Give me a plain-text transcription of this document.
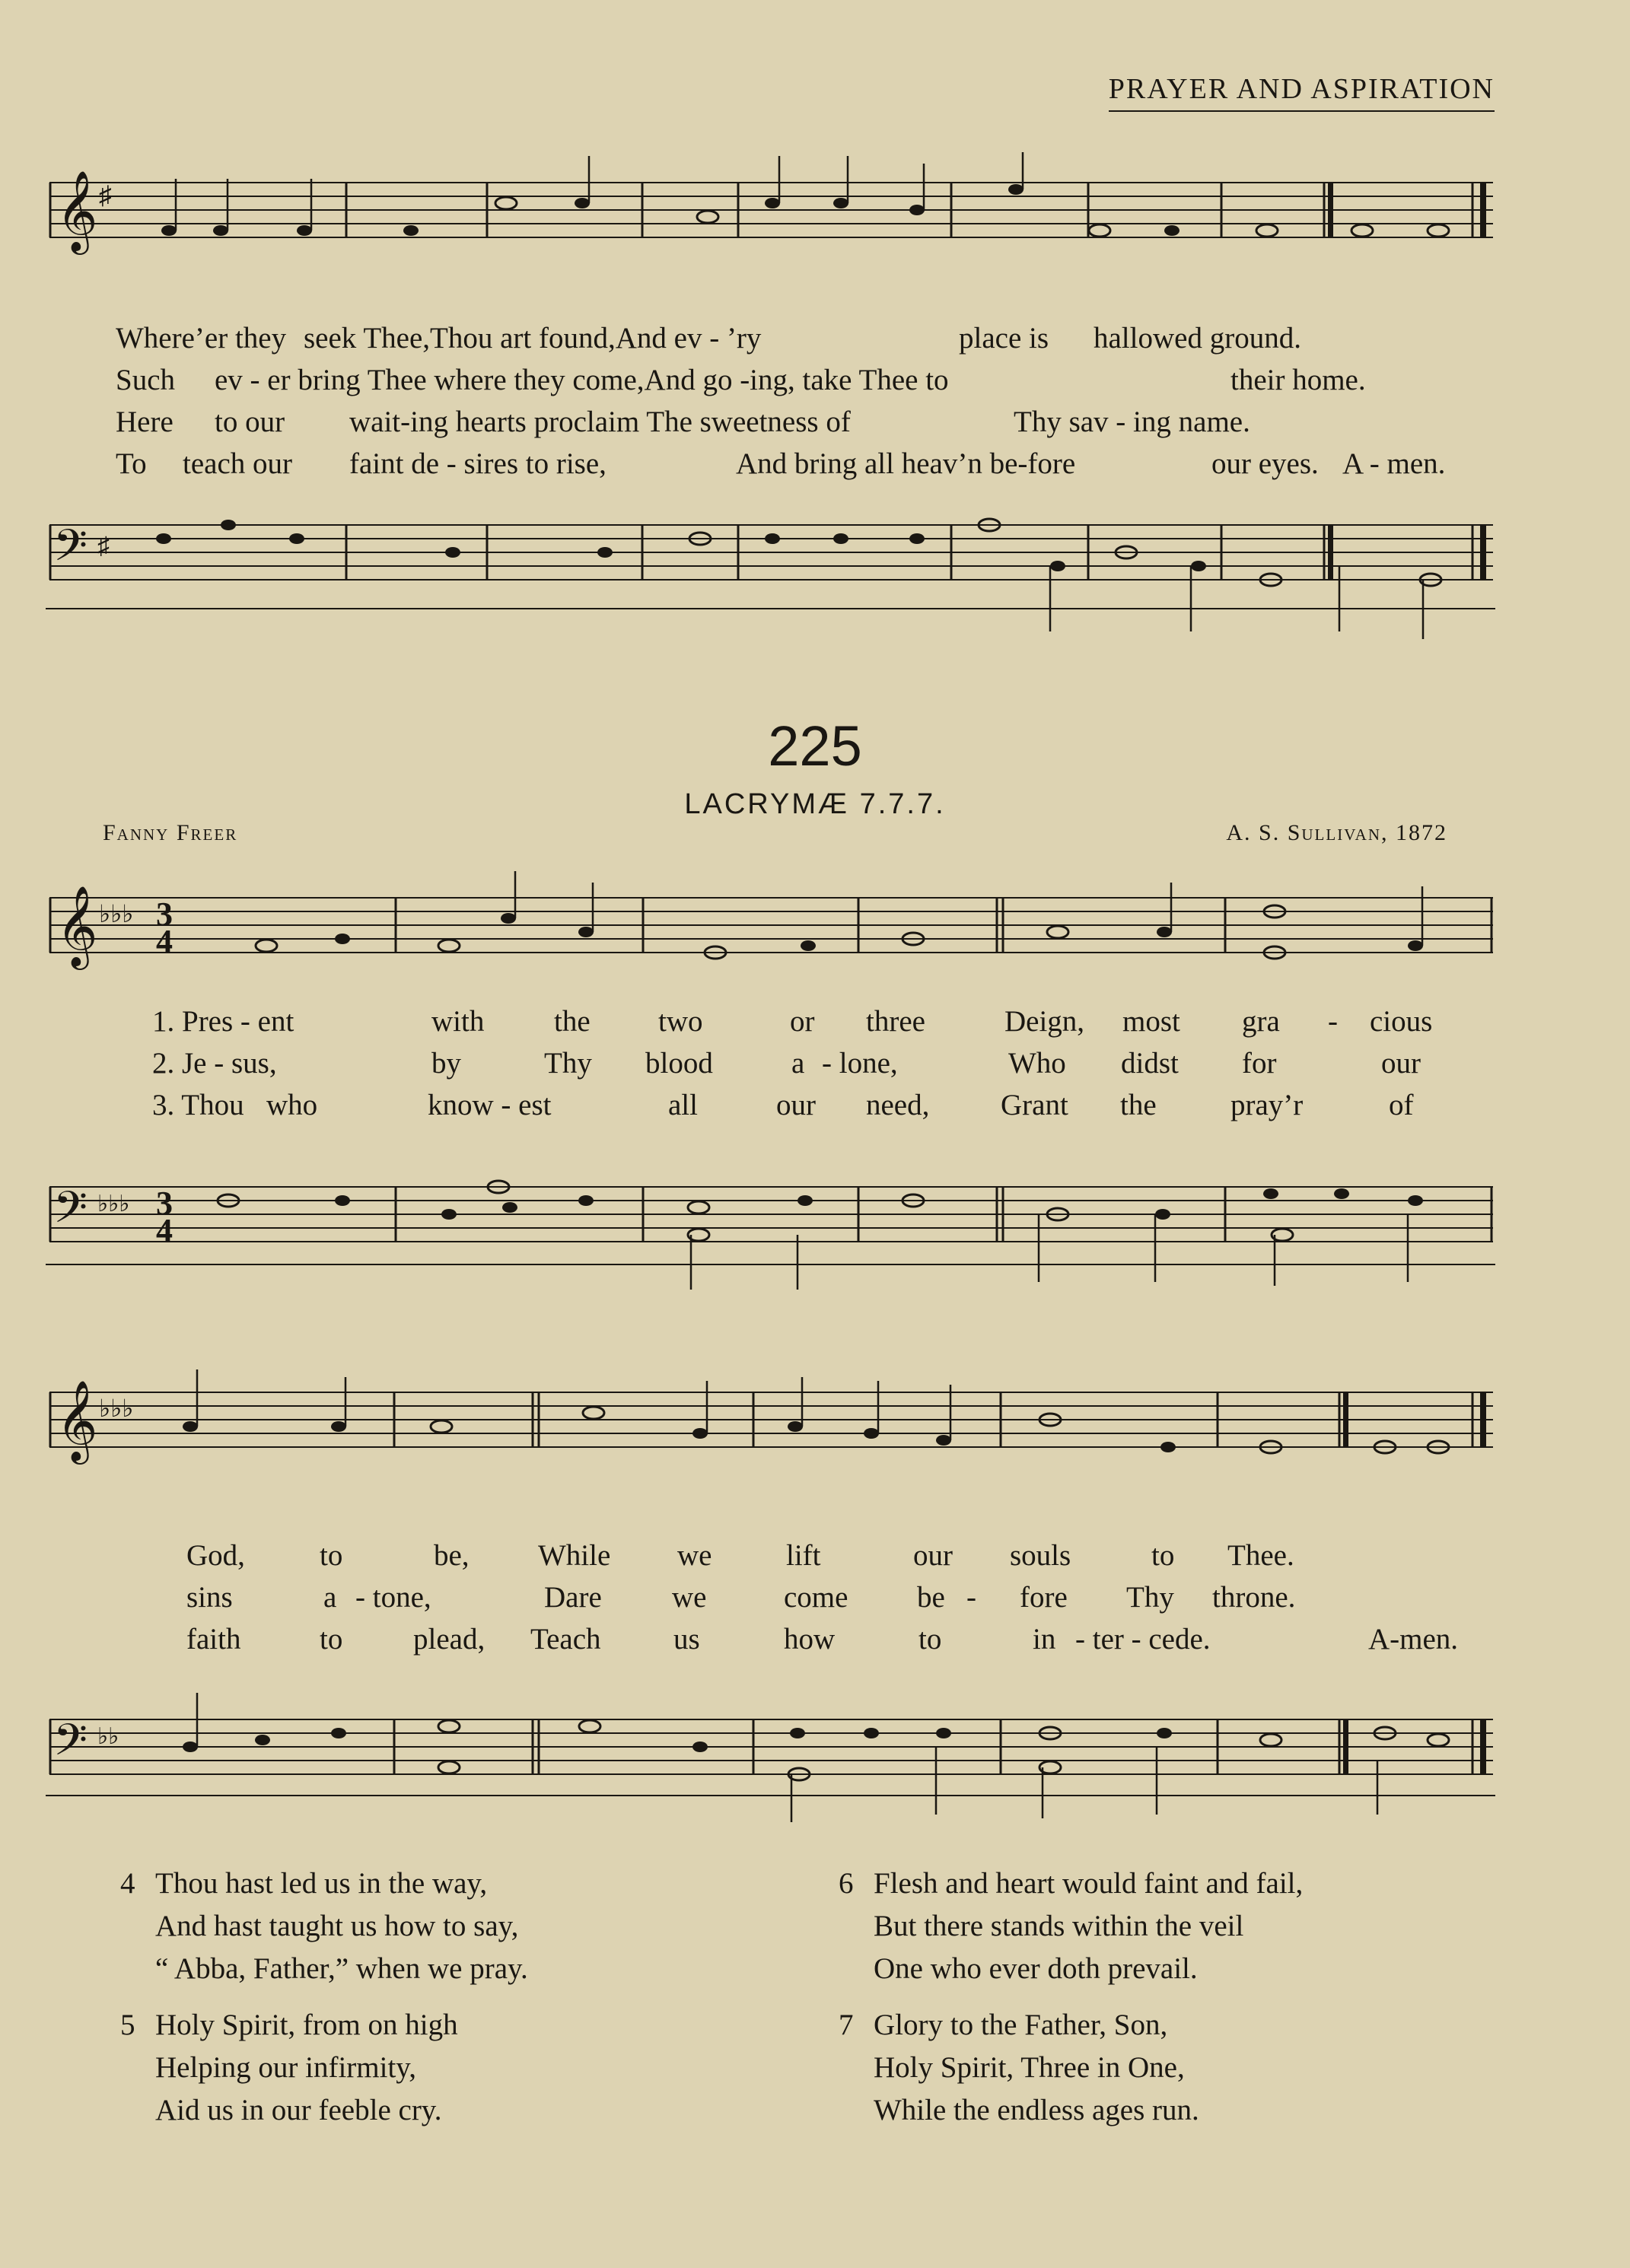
PRAYER AND ASPIRATION
𝄞 ♯
Where’er they seek Thee,Thou art found,And ev - ’ry	place is hallowed ground.
Such ev - er bring Thee where they come,And go -ing, take Thee to	their home.
Here to our wait-ing hearts proclaim The sweetness of	Thy sav - ing name.
To teach our faint de - sires to rise,	And bring all heav’n be-fore	our eyes. A - men.
𝄢 ♯
225
LACRYMÆ 7.7.7.
Fanny Freer	A. S. Sullivan, 1872
𝄞 ♭♭♭ 3
4
1. Pres - ent	with the two	or three	Deign, most gra - cious
2. Je - sus,	by	Thy blood	a - lone,	Who didst for	our
3. Thou who	know - est	all	our need, Grant the pray’r	of
𝄢 ♭♭♭ 3
4
𝄞 ♭♭♭
God,	to	be, While we	lift	our souls	to Thee.
sins	a - tone,	Dare we	come be - fore Thy throne.
faith	to plead, Teach us	how	to	in - ter - cede.	A-men.
𝄢 ♭♭
4 Thou hast led us in the way,
And hast taught us how to say,
“ Abba, Father,” when we pray.
5 Holy Spirit, from on high
Helping our infirmity,
Aid us in our feeble cry.
6 Flesh and heart would faint and fail,
But there stands within the veil
One who ever doth prevail.
7 Glory to the Father, Son,
Holy Spirit, Three in One,
While the endless ages run.
